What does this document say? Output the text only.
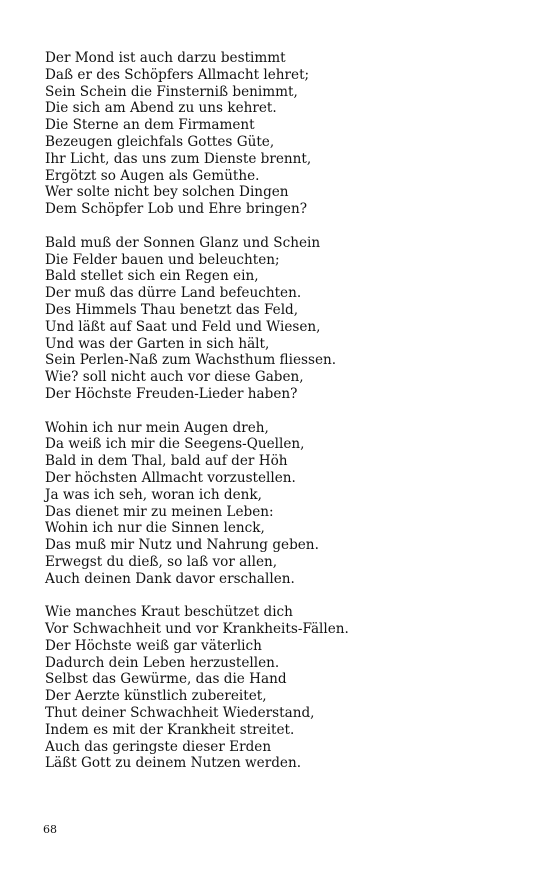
Der Mond ist auch darzu bestimmt
Daß er des Schöpfers Allmacht lehret;
Sein Schein die Finsterniß benimmt,
Die sich am Abend zu uns kehret.
Die Sterne an dem Firmament
Bezeugen gleichfals Gottes Güte,
Ihr Licht, das uns zum Dienste brennt,
Ergötzt so Augen als Gemüthe.
Wer solte nicht bey solchen Dingen
Dem Schöpfer Lob und Ehre bringen?
Bald muß der Sonnen Glanz und Schein
Die Felder bauen und beleuchten;
Bald stellet sich ein Regen ein,
Der muß das dürre Land befeuchten.
Des Himmels Thau benetzt das Feld,
Und läßt auf Saat und Feld und Wiesen,
Und was der Garten in sich hält,
Sein Perlen-Naß zum Wachsthum fliessen.
Wie? soll nicht auch vor diese Gaben,
Der Höchste Freuden-Lieder haben?
Wohin ich nur mein Augen dreh,
Da weiß ich mir die Seegens-Quellen,
Bald in dem Thal, bald auf der Höh
Der höchsten Allmacht vorzustellen.
Ja was ich seh, woran ich denk,
Das dienet mir zu meinen Leben:
Wohin ich nur die Sinnen lenck,
Das muß mir Nutz und Nahrung geben.
Erwegst du dieß, so laß vor allen,
Auch deinen Dank davor erschallen.
Wie manches Kraut beschützet dich
Vor Schwachheit und vor Krankheits-Fällen.
Der Höchste weiß gar väterlich
Dadurch dein Leben herzustellen.
Selbst das Gewürme, das die Hand
Der Aerzte künstlich zubereitet,
Thut deiner Schwachheit Wiederstand,
Indem es mit der Krankheit streitet.
Auch das geringste dieser Erden
Läßt Gott zu deinem Nutzen werden.
68
